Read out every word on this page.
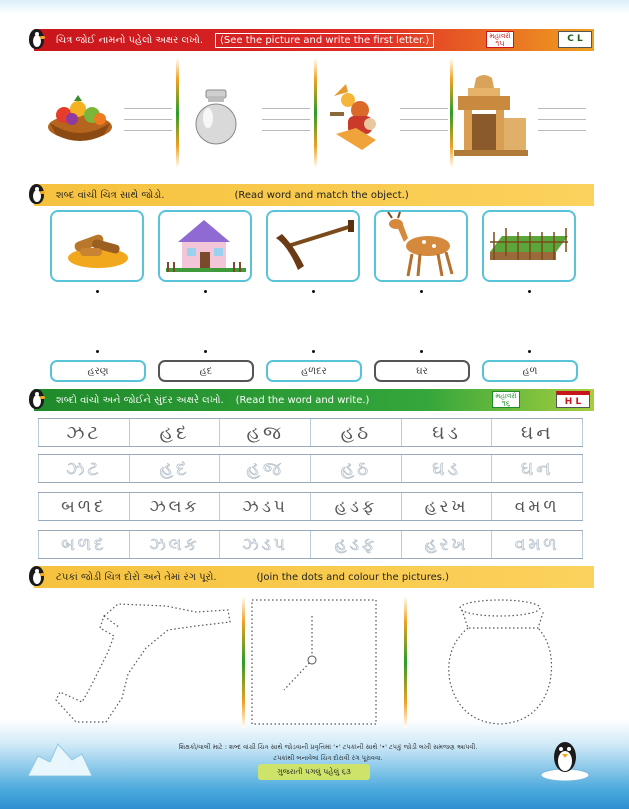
ચિત્ર જોઈ નામનો પહેલો અક્ષર લખો.	(See the picture and write the first letter.)	મહાવરો
૧૫	C L
શબ્દ વાંચી ચિત્ર સાથે જોડો.	(Read word and match the object.)
હરણ	હદ	હળદર	ઘર	હળ
શબ્દો વાંચો અને જોઈને સુંદર અક્ષરે લખો. (Read the word and write.)	મહાવરો
૧૬	H L
ઝટ	હદ	હજ	હઠ	ઘડ	ઘન
ઝટ	હદ	હજ	હઠ	ઘડ	ઘન
બળદ	ઝલક	ઝડપ	હડફ	હરખ	વમળ
બળદ	ઝલક	ઝડપ	હડફ	હરખ	વમળ
ટપકાં જોડી ચિત્ર દોરો અને તેમાં રંગ પૂરો.	(Join the dots and colour the pictures.)
શિક્ષકો/વાલી માટે : શબ્દ વાંચી ચિત્ર સાથે જોડવાની પ્રવૃત્તિમાં '•' ટપકાંની સાથે '•' ટપકું જોડી લખી સમજણ આપવી.
ટપકાંથી બનાવેલાં ચિત્ર દોરાવી રંગ પૂરાવવા.
ગુજરાતી પગલું પહેલું ૬૩
